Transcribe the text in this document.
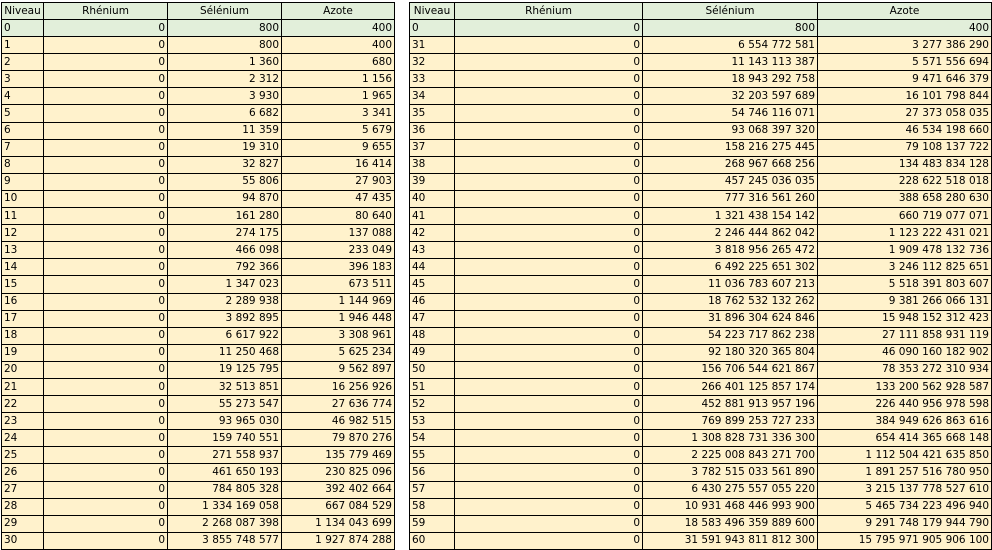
Niveau	Rhénium	Sélénium	Azote
0	0	800	400
1	0	800	400
2	0	1 360	680
3	0	2 312	1 156
4	0	3 930	1 965
5	0	6 682	3 341
6	0	11 359	5 679
7	0	19 310	9 655
8	0	32 827	16 414
9	0	55 806	27 903
10	0	94 870	47 435
11	0	161 280	80 640
12	0	274 175	137 088
13	0	466 098	233 049
14	0	792 366	396 183
15	0	1 347 023	673 511
16	0	2 289 938	1 144 969
17	0	3 892 895	1 946 448
18	0	6 617 922	3 308 961
19	0	11 250 468	5 625 234
20	0	19 125 795	9 562 897
21	0	32 513 851	16 256 926
22	0	55 273 547	27 636 774
23	0	93 965 030	46 982 515
24	0	159 740 551	79 870 276
25	0	271 558 937	135 779 469
26	0	461 650 193	230 825 096
27	0	784 805 328	392 402 664
28	0	1 334 169 058	667 084 529
29	0	2 268 087 398	1 134 043 699
30	0	3 855 748 577	1 927 874 288
Niveau	Rhénium	Sélénium	Azote
0	0	800	400
31	0	6 554 772 581	3 277 386 290
32	0	11 143 113 387	5 571 556 694
33	0	18 943 292 758	9 471 646 379
34	0	32 203 597 689	16 101 798 844
35	0	54 746 116 071	27 373 058 035
36	0	93 068 397 320	46 534 198 660
37	0	158 216 275 445	79 108 137 722
38	0	268 967 668 256	134 483 834 128
39	0	457 245 036 035	228 622 518 018
40	0	777 316 561 260	388 658 280 630
41	0	1 321 438 154 142	660 719 077 071
42	0	2 246 444 862 042	1 123 222 431 021
43	0	3 818 956 265 472	1 909 478 132 736
44	0	6 492 225 651 302	3 246 112 825 651
45	0	11 036 783 607 213	5 518 391 803 607
46	0	18 762 532 132 262	9 381 266 066 131
47	0	31 896 304 624 846	15 948 152 312 423
48	0	54 223 717 862 238	27 111 858 931 119
49	0	92 180 320 365 804	46 090 160 182 902
50	0	156 706 544 621 867	78 353 272 310 934
51	0	266 401 125 857 174	133 200 562 928 587
52	0	452 881 913 957 196	226 440 956 978 598
53	0	769 899 253 727 233	384 949 626 863 616
54	0	1 308 828 731 336 300	654 414 365 668 148
55	0	2 225 008 843 271 700	1 112 504 421 635 850
56	0	3 782 515 033 561 890	1 891 257 516 780 950
57	0	6 430 275 557 055 220	3 215 137 778 527 610
58	0	10 931 468 446 993 900	5 465 734 223 496 940
59	0	18 583 496 359 889 600	9 291 748 179 944 790
60	0	31 591 943 811 812 300	15 795 971 905 906 100
